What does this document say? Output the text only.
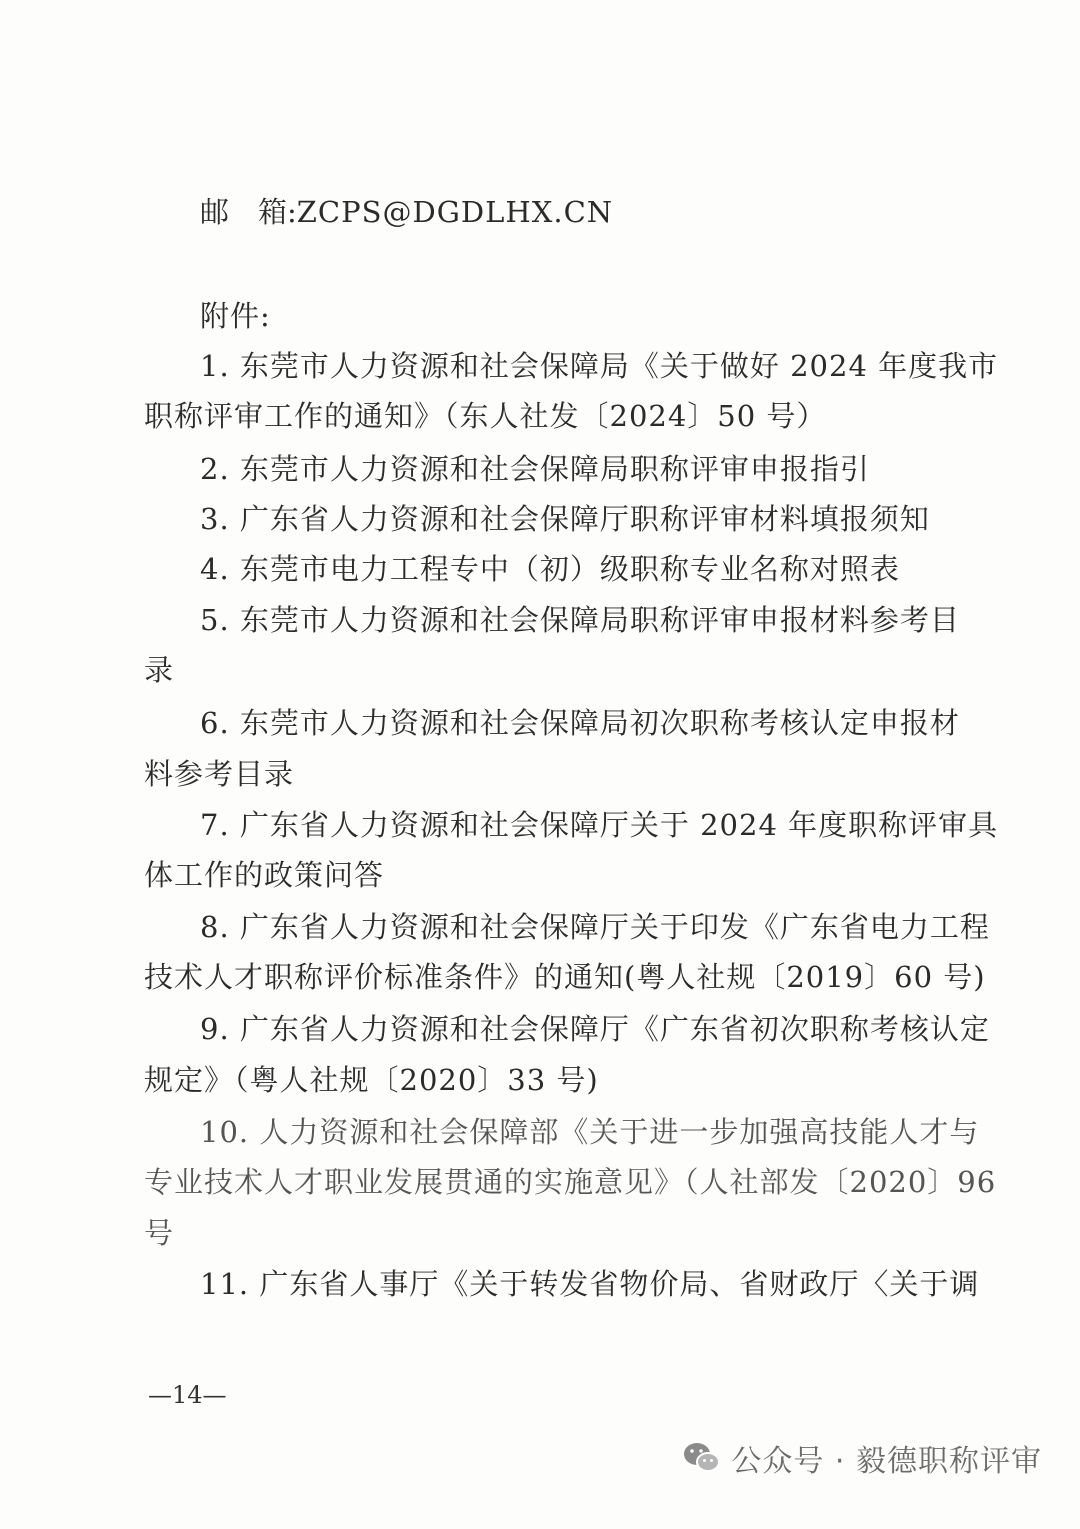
邮　箱:ZCPS@DGDLHX.CN
附件:
1. 东莞市人力资源和社会保障局《关于做好 2024 年度我市
职称评审工作的通知》（东人社发〔2024〕50 号）
2. 东莞市人力资源和社会保障局职称评审申报指引
3. 广东省人力资源和社会保障厅职称评审材料填报须知
4. 东莞市电力工程专中（初）级职称专业名称对照表
5. 东莞市人力资源和社会保障局职称评审申报材料参考目
录
6. 东莞市人力资源和社会保障局初次职称考核认定申报材
料参考目录
7. 广东省人力资源和社会保障厅关于 2024 年度职称评审具
体工作的政策问答
8. 广东省人力资源和社会保障厅关于印发《广东省电力工程
技术人才职称评价标准条件》的通知(粤人社规〔2019〕60 号)
9. 广东省人力资源和社会保障厅《广东省初次职称考核认定
规定》（粤人社规〔2020〕33 号)
10. 人力资源和社会保障部《关于进一步加强高技能人才与
专业技术人才职业发展贯通的实施意见》（人社部发〔2020〕96
号
11. 广东省人事厅《关于转发省物价局、省财政厅〈关于调
—14—
公众号 · 毅德职称评审
